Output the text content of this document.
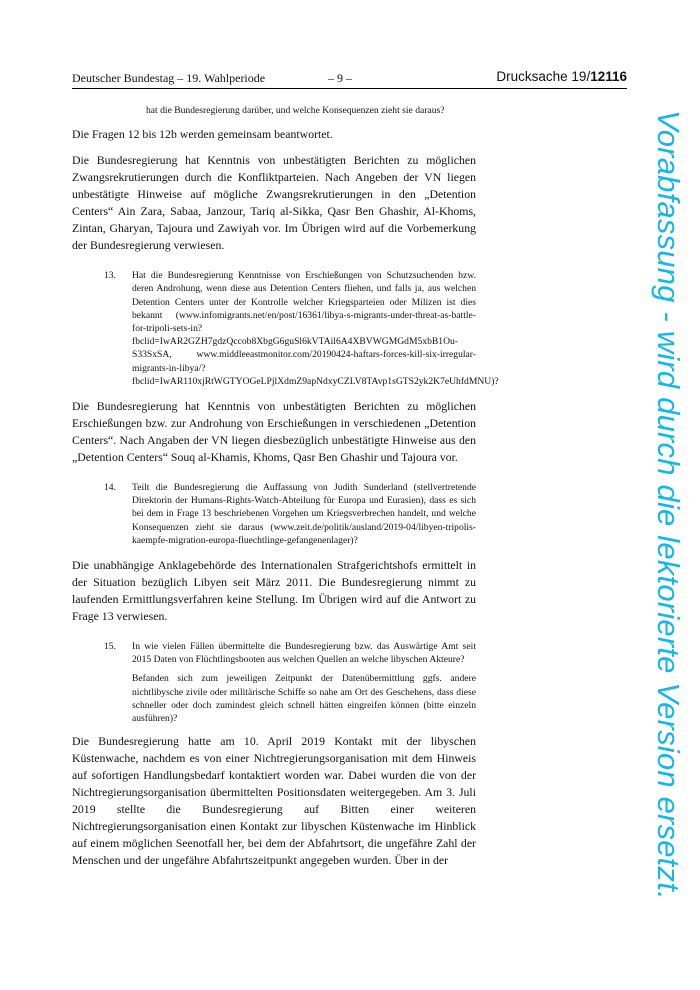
Deutscher Bundestag – 19. Wahlperiode	– 9 –	Drucksache 19/12116

hat die Bundesregierung darüber, und welche Konsequenzen zieht sie daraus?

Die Fragen 12 bis 12b werden gemeinsam beantwortet.

Die Bundesregierung hat Kenntnis von unbestätigten Berichten zu möglichen Zwangsrekrutierungen durch die Konfliktparteien. Nach Angeben der VN liegen unbestätigte Hinweise auf mögliche Zwangsrekrutierungen in den „Detention Centers“ Ain Zara, Sabaa, Janzour, Tariq al-Sikka, Qasr Ben Ghashir, Al-Khoms, Zintan, Gharyan, Tajoura und Zawiyah vor. Im Übrigen wird auf die Vorbemerkung der Bundesregierung verwiesen.

13. Hat die Bundesregierung Kenntnisse von Erschießungen von Schutzsuchenden bzw. deren Androhung, wenn diese aus Detention Centers fliehen, und falls ja, aus welchen Detention Centers unter der Kontrolle welcher Kriegsparteien oder Milizen ist dies bekannt (www.infomigrants.net/en/post/16361/libya-s-migrants-under-threat-as-battle-for-tripoli-sets-in?fbclid=IwAR2GZH7gdzQccob8XbgG6guSl6kVTAil6A4XBVWGMGdM5xbB1Ou-S33SxSA, www.middleeastmonitor.com/20190424-haftars-forces-kill-six-irregular-migrants-in-libya/?fbclid=IwAR110xjRtWGTYOGeLPjlXdmZ9apNdxyCZLV8TAvp1sGTS2yk2K7eUhfdMNU)?

Die Bundesregierung hat Kenntnis von unbestätigten Berichten zu möglichen Erschießungen bzw. zur Androhung von Erschießungen in verschiedenen „Detention Centers“. Nach Angaben der VN liegen diesbezüglich unbestätigte Hinweise aus den „Detention Centers“ Souq al-Khamis, Khoms, Qasr Ben Ghashir und Tajoura vor.

14. Teilt die Bundesregierung die Auffassung von Judith Sunderland (stellvertretende Direktorin der Humans-Rights-Watch-Abteilung für Europa und Eurasien), dass es sich bei dem in Frage 13 beschriebenen Vorgehen um Kriegsverbrechen handelt, und welche Konsequenzen zieht sie daraus (www.zeit.de/politik/ausland/2019-04/libyen-tripolis-kaempfe-migration-europa-fluechtlinge-gefangenenlager)?

Die unabhängige Anklagebehörde des Internationalen Strafgerichtshofs ermittelt in der Situation bezüglich Libyen seit März 2011. Die Bundesregierung nimmt zu laufenden Ermittlungsverfahren keine Stellung. Im Übrigen wird auf die Antwort zu Frage 13 verwiesen.

15. In wie vielen Fällen übermittelte die Bundesregierung bzw. das Auswärtige Amt seit 2015 Daten von Flüchtlingsbooten aus welchen Quellen an welche libyschen Akteure?

Befanden sich zum jeweiligen Zeitpunkt der Datenübermittlung ggfs. andere nichtlibysche zivile oder militärische Schiffe so nahe am Ort des Geschehens, dass diese schneller oder doch zumindest gleich schnell hätten eingreifen können (bitte einzeln ausführen)?

Die Bundesregierung hatte am 10. April 2019 Kontakt mit der libyschen Küstenwache, nachdem es von einer Nichtregierungsorganisation mit dem Hinweis auf sofortigen Handlungsbedarf kontaktiert worden war. Dabei wurden die von der Nichtregierungsorganisation übermittelten Positionsdaten weitergegeben. Am 3. Juli 2019 stellte die Bundesregierung auf Bitten einer weiteren Nichtregierungsorganisation einen Kontakt zur libyschen Küstenwache im Hinblick auf einem möglichen Seenotfall her, bei dem der Abfahrtsort, die ungefähre Zahl der Menschen und der ungefähre Abfahrtszeitpunkt angegeben wurden. Über in der	Vorabfassung - wird durch die lektorierte Version ersetzt.
